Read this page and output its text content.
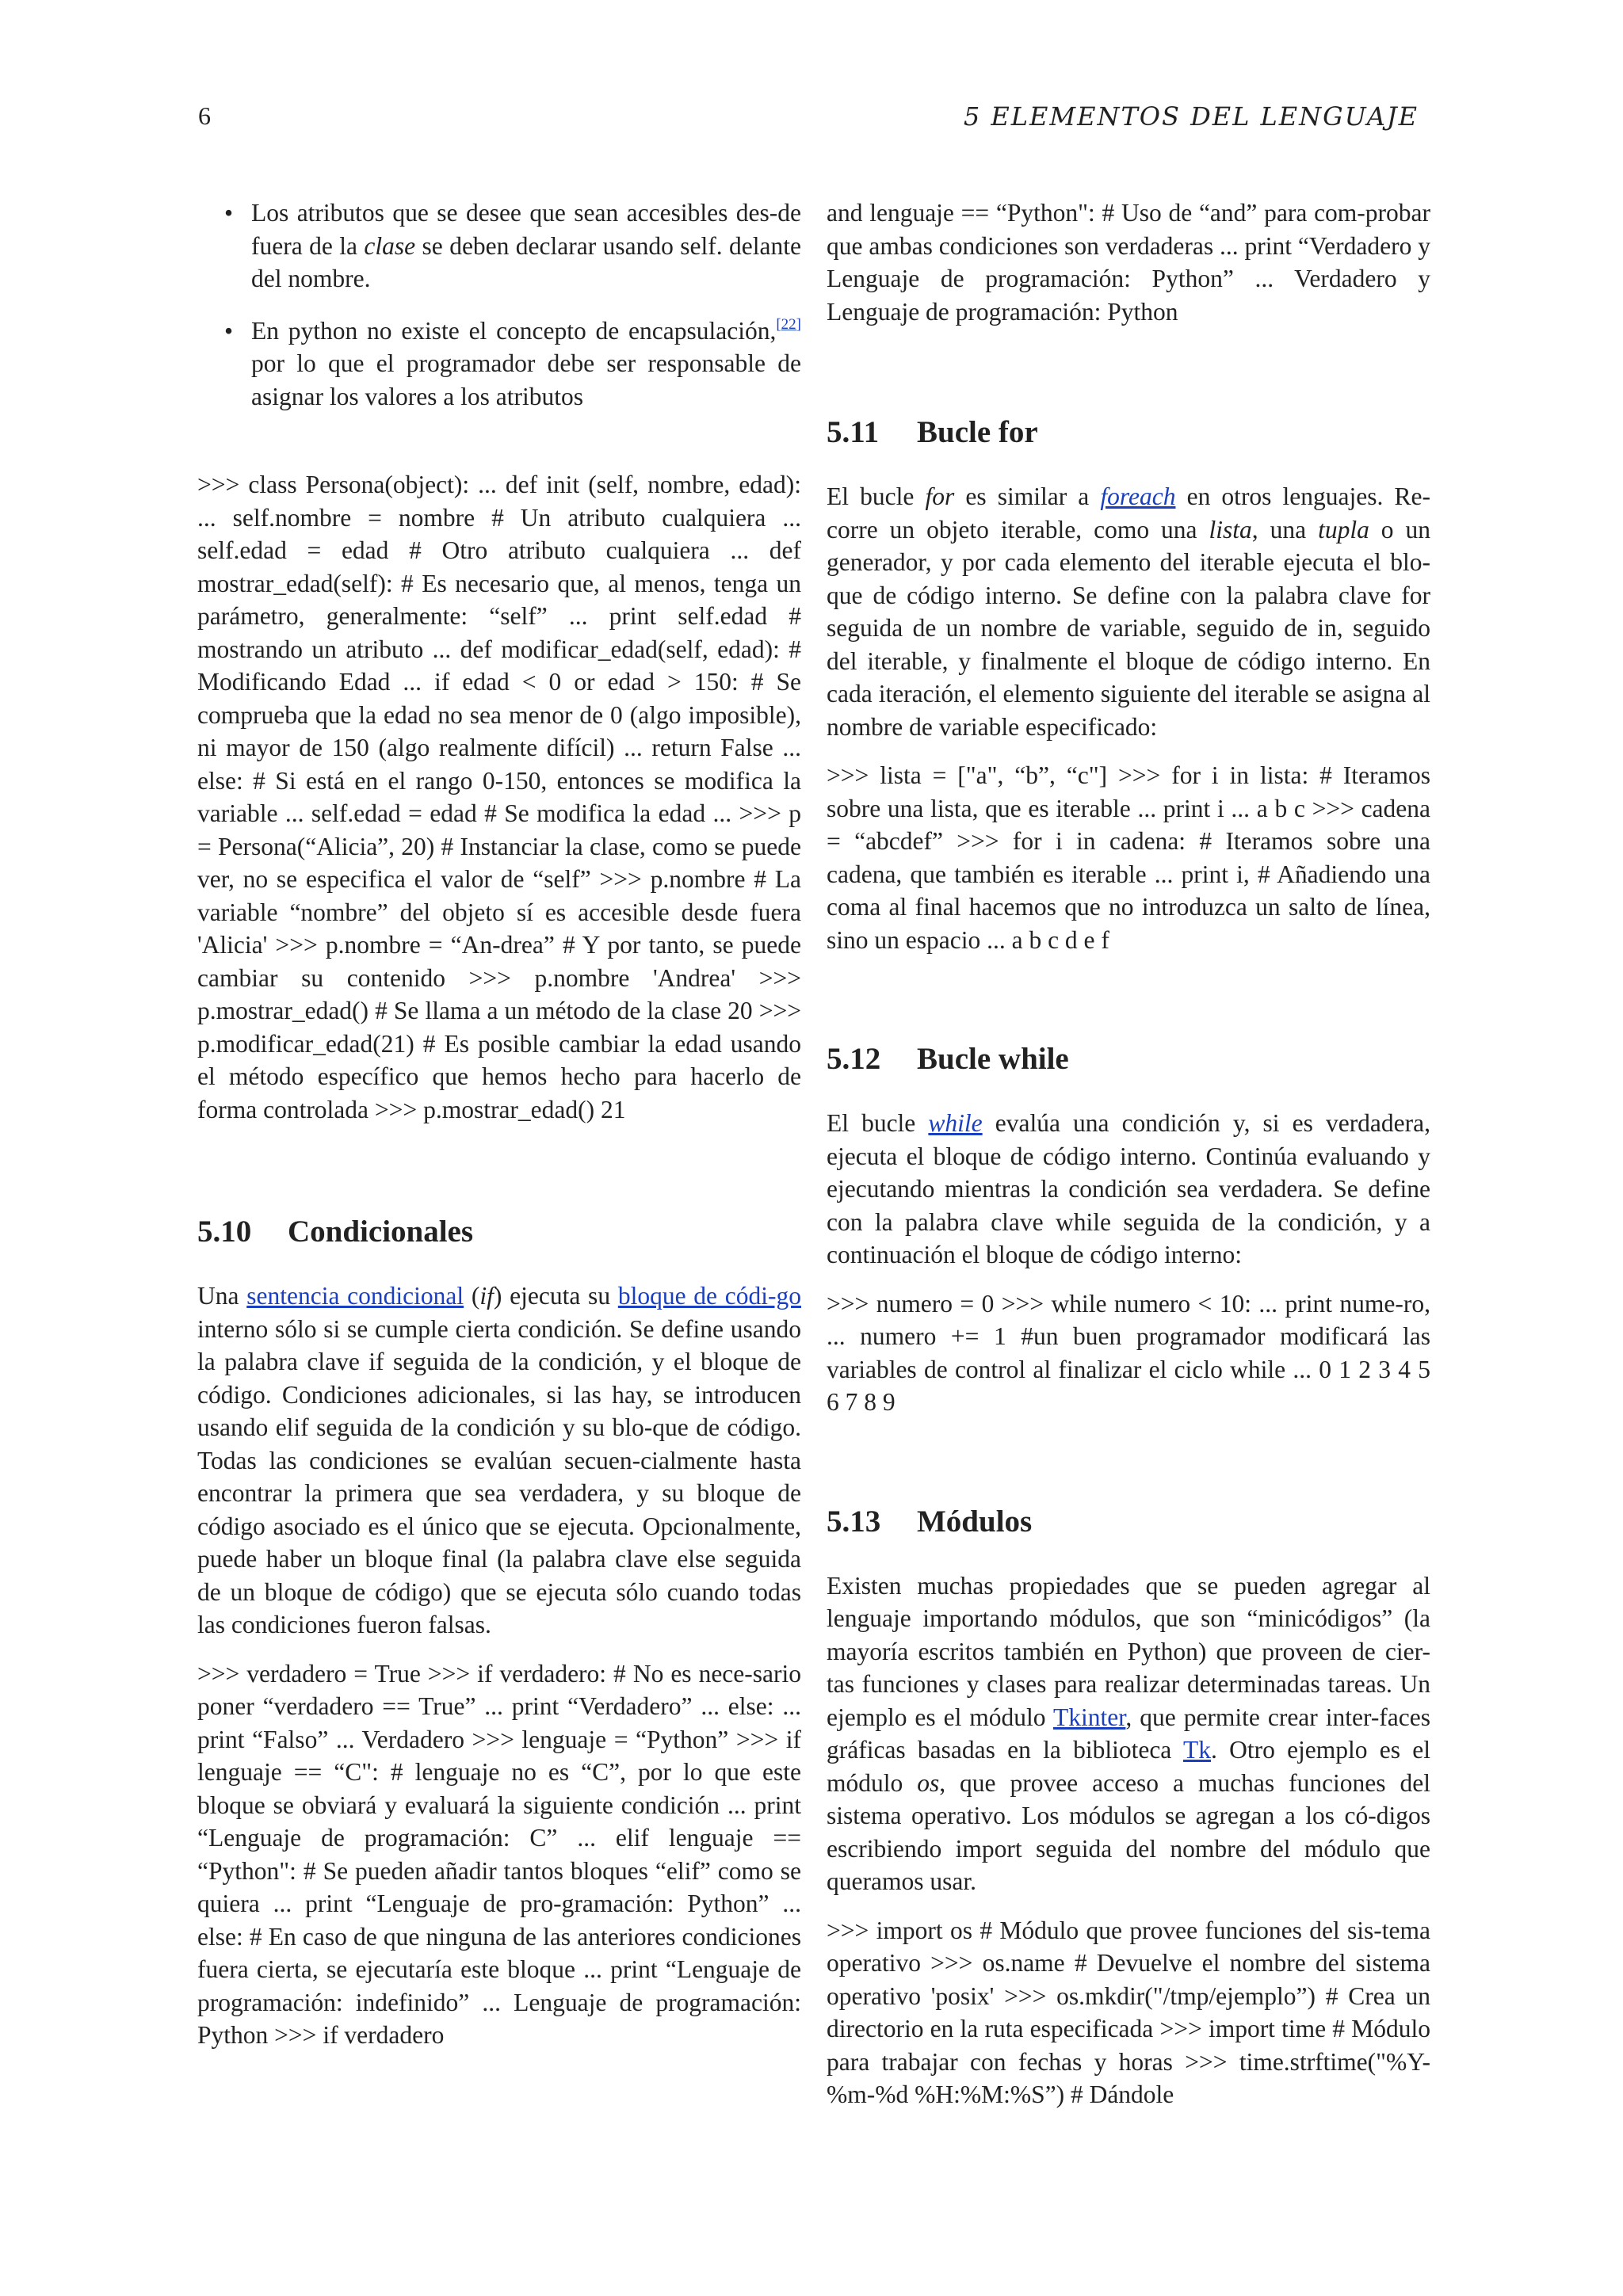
6	5 ELEMENTOS DEL LENGUAJE
• Los atributos que se desee que sean accesibles des-de fuera de la clase se deben declarar usando self. delante del nombre.
• En python no existe el concepto de encapsulación,[22] por lo que el programador debe ser responsable de asignar los valores a los atributos

>>> class Persona(object): ... def init (self, nombre, edad): ... self.nombre = nombre # Un atributo cualquiera ... self.edad = edad # Otro atributo cualquiera ... def mostrar_edad(self): # Es necesario que, al menos, tenga un parámetro, generalmente: “self” ... print self.edad # mostrando un atributo ... def modificar_edad(self, edad): # Modificando Edad ... if edad < 0 or edad > 150: # Se comprueba que la edad no sea menor de 0 (algo imposible), ni mayor de 150 (algo realmente difícil) ... return False ... else: # Si está en el rango 0-150, entonces se modifica la variable ... self.edad = edad # Se modifica la edad ... >>> p = Persona(“Alicia”, 20) # Instanciar la clase, como se puede ver, no se especifica el valor de “self” >>> p.nombre # La variable “nombre” del objeto sí es accesible desde fuera 'Alicia' >>> p.nombre = “An-drea” # Y por tanto, se puede cambiar su contenido >>> p.nombre 'Andrea' >>> p.mostrar_edad() # Se llama a un método de la clase 20 >>> p.modificar_edad(21) # Es posible cambiar la edad usando el método específico que hemos hecho para hacerlo de forma controlada >>> p.mostrar_edad() 21

5.10 Condicionales

Una sentencia condicional (if) ejecuta su bloque de códi-go interno sólo si se cumple cierta condición. Se define usando la palabra clave if seguida de la condición, y el bloque de código. Condiciones adicionales, si las hay, se introducen usando elif seguida de la condición y su blo-que de código. Todas las condiciones se evalúan secuen-cialmente hasta encontrar la primera que sea verdadera, y su bloque de código asociado es el único que se ejecuta. Opcionalmente, puede haber un bloque final (la palabra clave else seguida de un bloque de código) que se ejecuta sólo cuando todas las condiciones fueron falsas.

>>> verdadero = True >>> if verdadero: # No es nece-sario poner “verdadero == True” ... print “Verdadero” ... else: ... print “Falso” ... Verdadero >>> lenguaje = “Python” >>> if lenguaje == “C": # lenguaje no es “C”, por lo que este bloque se obviará y evaluará la siguiente condición ... print “Lenguaje de programación: C” ... elif lenguaje == “Python": # Se pueden añadir tantos bloques “elif” como se quiera ... print “Lenguaje de pro-gramación: Python” ... else: # En caso de que ninguna de las anteriores condiciones fuera cierta, se ejecutaría este bloque ... print “Lenguaje de programación: indefinido” ... Lenguaje de programación: Python >>> if verdadero

and lenguaje == “Python": # Uso de “and” para com-probar que ambas condiciones son verdaderas ... print “Verdadero y Lenguaje de programación: Python” ... Verdadero y Lenguaje de programación: Python

5.11 Bucle for

El bucle for es similar a foreach en otros lenguajes. Re-corre un objeto iterable, como una lista, una tupla o un generador, y por cada elemento del iterable ejecuta el blo-que de código interno. Se define con la palabra clave for seguida de un nombre de variable, seguido de in, seguido del iterable, y finalmente el bloque de código interno. En cada iteración, el elemento siguiente del iterable se asigna al nombre de variable especificado:

>>> lista = ["a", “b”, “c"] >>> for i in lista: # Iteramos sobre una lista, que es iterable ... print i ... a b c >>> cadena = “abcdef” >>> for i in cadena: # Iteramos sobre una cadena, que también es iterable ... print i, # Añadiendo una coma al final hacemos que no introduzca un salto de línea, sino un espacio ... a b c d e f

5.12 Bucle while

El bucle while evalúa una condición y, si es verdadera, ejecuta el bloque de código interno. Continúa evaluando y ejecutando mientras la condición sea verdadera. Se define con la palabra clave while seguida de la condición, y a continuación el bloque de código interno:

>>> numero = 0 >>> while numero < 10: ... print nume-ro, ... numero += 1 #un buen programador modificará las variables de control al finalizar el ciclo while ... 0 1 2 3 4 5 6 7 8 9

5.13 Módulos

Existen muchas propiedades que se pueden agregar al lenguaje importando módulos, que son “minicódigos” (la mayoría escritos también en Python) que proveen de cier-tas funciones y clases para realizar determinadas tareas. Un ejemplo es el módulo Tkinter, que permite crear inter-faces gráficas basadas en la biblioteca Tk. Otro ejemplo es el módulo os, que provee acceso a muchas funciones del sistema operativo. Los módulos se agregan a los có-digos escribiendo import seguida del nombre del módulo que queramos usar.

>>> import os # Módulo que provee funciones del sis-tema operativo >>> os.name # Devuelve el nombre del sistema operativo 'posix' >>> os.mkdir("/tmp/ejemplo”) # Crea un directorio en la ruta especificada >>> import time # Módulo para trabajar con fechas y horas >>> time.strftime("%Y-%m-%d %H:%M:%S”) # Dándole
